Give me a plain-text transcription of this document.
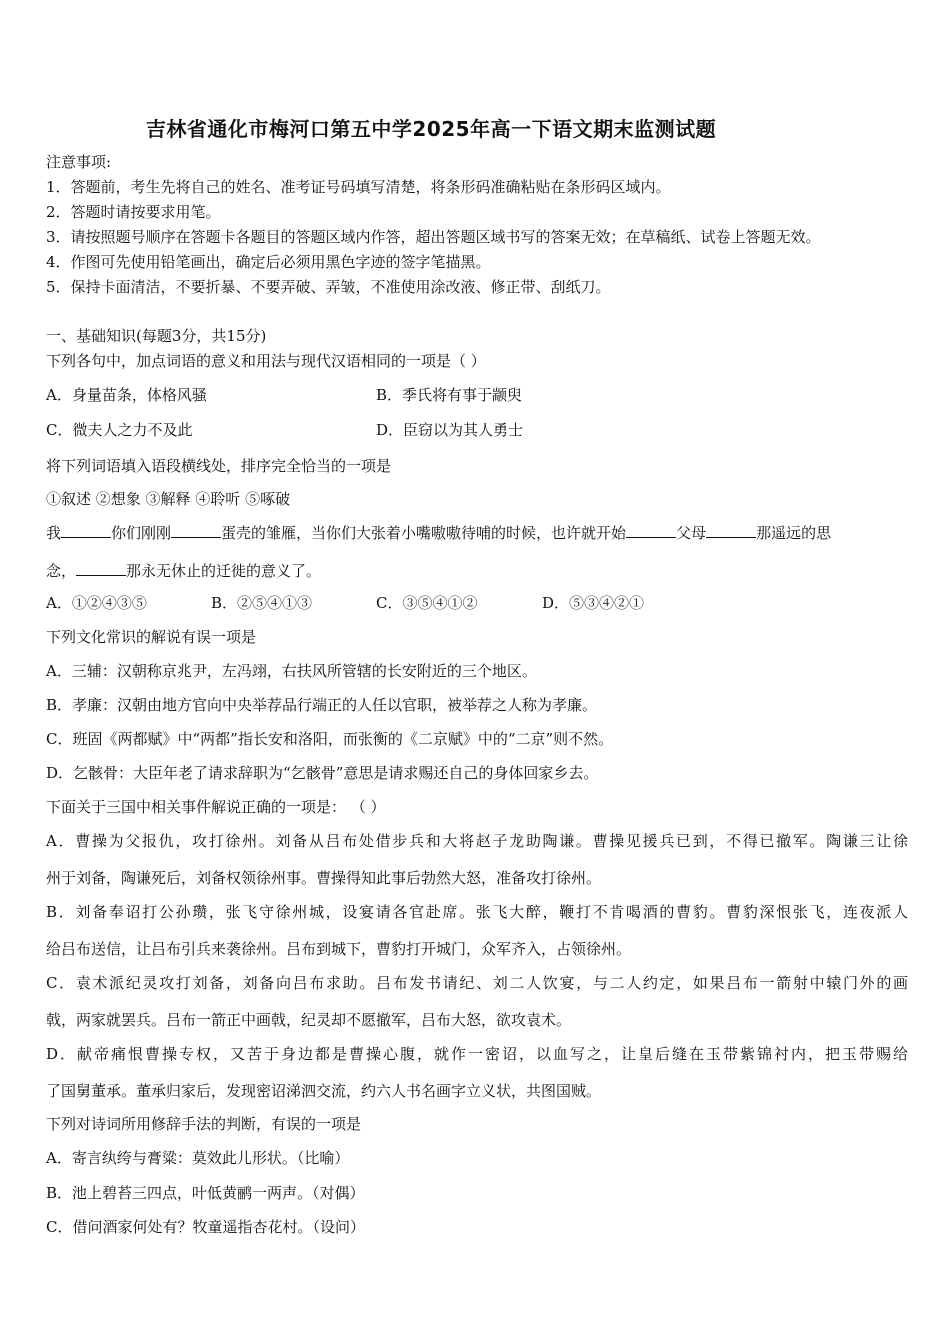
吉林省通化市梅河口第五中学2025年高一下语文期末监测试题
注意事项:
1．答题前，考生先将自己的姓名、准考证号码填写清楚，将条形码准确粘贴在条形码区域内。
2．答题时请按要求用笔。
3．请按照题号顺序在答题卡各题目的答题区域内作答，超出答题区域书写的答案无效；在草稿纸、试卷上答题无效。
4．作图可先使用铅笔画出，确定后必须用黑色字迹的签字笔描黑。
5．保持卡面清洁，不要折暴、不要弄破、弄皱，不准使用涂改液、修正带、刮纸刀。
一、基础知识(每题3分，共15分)
下列各句中，加点词语的意义和用法与现代汉语相同的一项是（ ）
A．身量苗条，体格风骚	B．季氏将有事于颛臾
C．微夫人之力不及此	D．臣窃以为其人勇士
将下列词语填入语段横线处，排序完全恰当的一项是
①叙述 ②想象 ③解释 ④聆听 ⑤啄破
我	你们刚刚	蛋壳的雏雁，当你们大张着小嘴嗷嗷待哺的时候，也许就开始	父母	那遥远的思
念，	那永无休止的迁徙的意义了。
A．①②④③⑤	B．②⑤④①③	C．③⑤④①②	D．⑤③④②①
下列文化常识的解说有误一项是
A．三辅：汉朝称京兆尹，左冯翊，右扶风所管辖的长安附近的三个地区。
B．孝廉：汉朝由地方官向中央举荐品行端正的人任以官职，被举荐之人称为孝廉。
C．班固《两都赋》中“两都”指长安和洛阳，而张衡的《二京赋》中的“二京”则不然。
D．乞骸骨：大臣年老了请求辞职为“乞骸骨”意思是请求赐还自己的身体回家乡去。
下面关于三国中相关事件解说正确的一项是： （ ）
A．曹操为父报仇，攻打徐州。刘备从吕布处借步兵和大将赵子龙助陶谦。曹操见援兵已到，不得已撤军。陶谦三让徐
州于刘备，陶谦死后，刘备权领徐州事。曹操得知此事后勃然大怒，准备攻打徐州。
B．刘备奉诏打公孙瓒，张飞守徐州城，设宴请各官赴席。张飞大醉，鞭打不肯喝酒的曹豹。曹豹深恨张飞，连夜派人
给吕布送信，让吕布引兵来袭徐州。吕布到城下，曹豹打开城门，众军齐入，占领徐州。
C．袁术派纪灵攻打刘备，刘备向吕布求助。吕布发书请纪、刘二人饮宴，与二人约定，如果吕布一箭射中辕门外的画
戟，两家就罢兵。吕布一箭正中画戟，纪灵却不愿撤军，吕布大怒，欲攻袁术。
D．献帝痛恨曹操专权，又苦于身边都是曹操心腹，就作一密诏，以血写之，让皇后缝在玉带紫锦衬内，把玉带赐给
了国舅董承。董承归家后，发现密诏涕泗交流，约六人书名画字立义状，共图国贼。
下列对诗词所用修辞手法的判断，有误的一项是
A．寄言纨绔与膏粱：莫效此儿形状。（比喻）
B．池上碧苔三四点，叶低黄鹂一两声。（对偶）
C．借问酒家何处有？牧童遥指杏花村。（设问）
